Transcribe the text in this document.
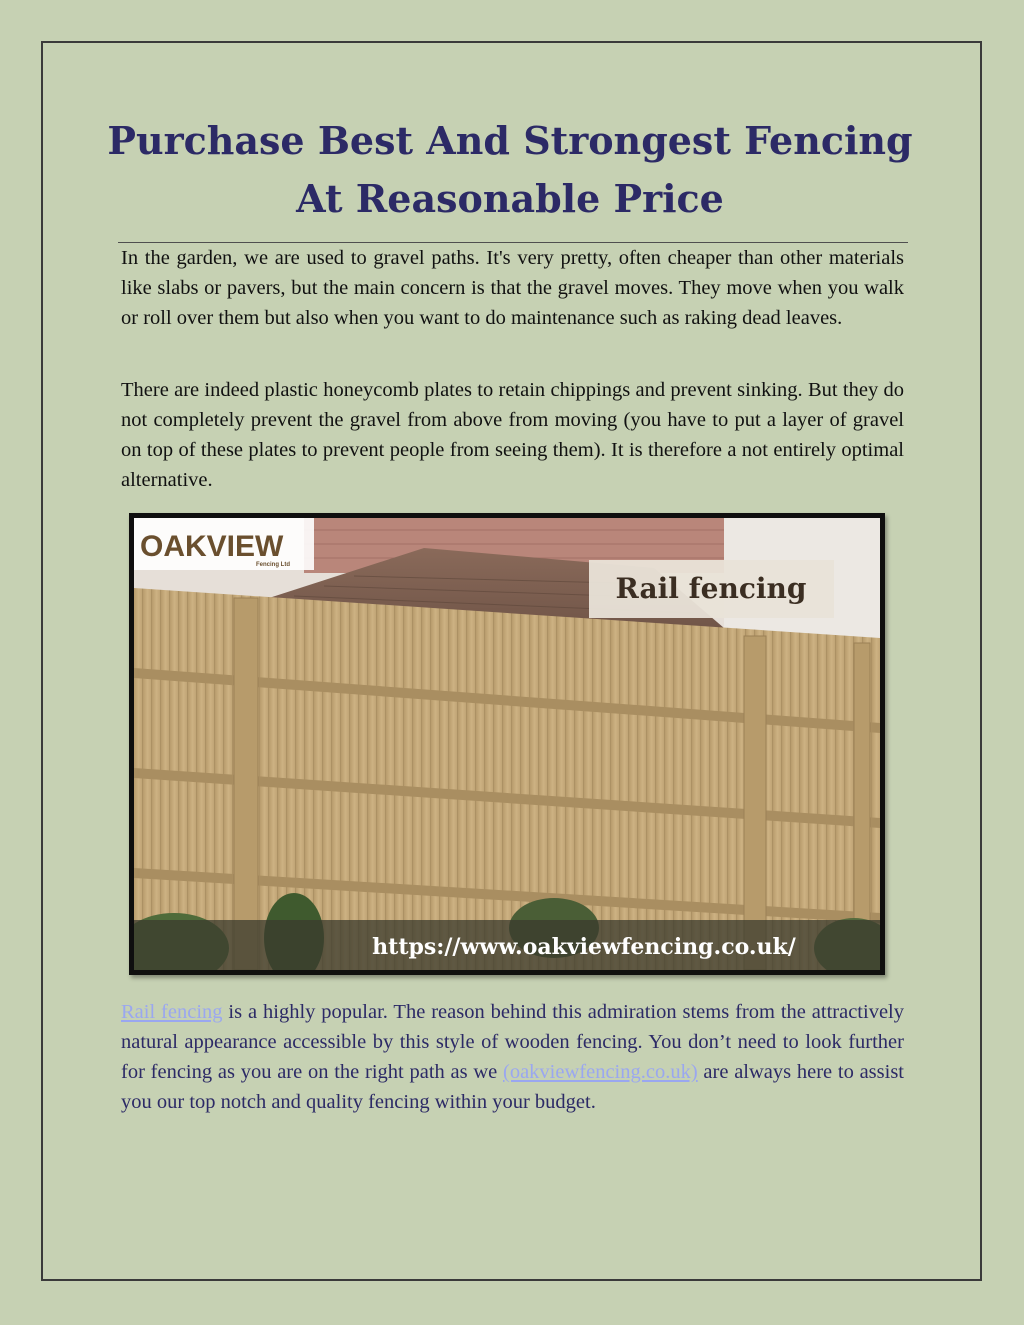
Purchase Best And Strongest Fencing At Reasonable Price

In the garden, we are used to gravel paths. It's very pretty, often cheaper than other materials like slabs or pavers, but the main concern is that the gravel moves. They move when you walk or roll over them but also when you want to do maintenance such as raking dead leaves.

There are indeed plastic honeycomb plates to retain chippings and prevent sinking. But they do not completely prevent the gravel from above from moving (you have to put a layer of gravel on top of these plates to prevent people from seeing them). It is therefore a not entirely optimal alternative.

OAKVIEW
Fencing Ltd
Rail fencing
https://www.oakviewfencing.co.uk/

Rail fencing is a highly popular. The reason behind this admiration stems from the attractively natural appearance accessible by this style of wooden fencing. You don’t need to look further for fencing as you are on the right path as we (oakviewfencing.co.uk) are always here to assist you our top notch and quality fencing within your budget.
